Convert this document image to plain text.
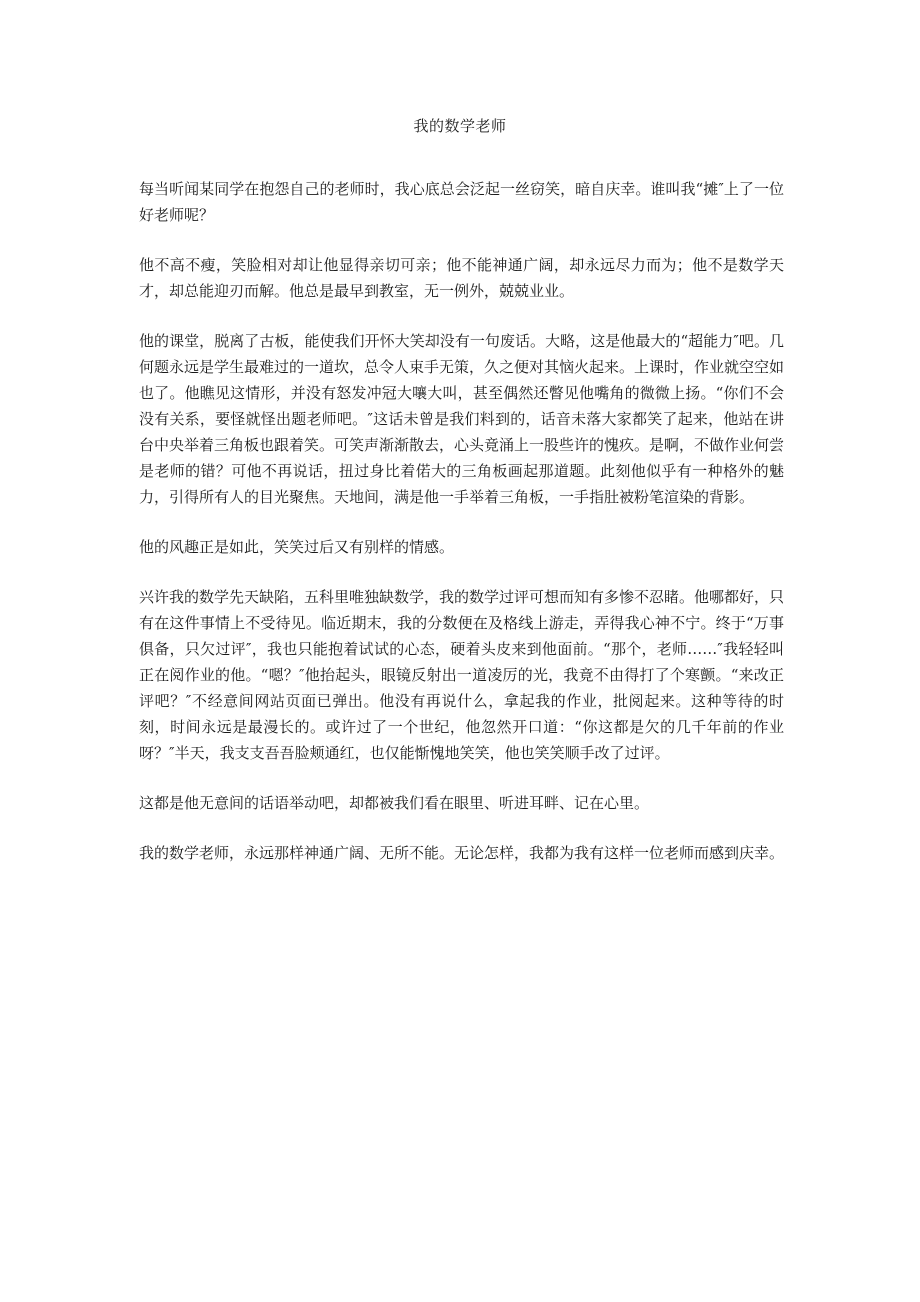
我的数学老师

每当听闻某同学在抱怨自己的老师时，我心底总会泛起一丝窃笑，暗自庆幸。谁叫我“摊″上了一位好老师呢？

他不高不瘦，笑脸相对却让他显得亲切可亲；他不能神通广阔，却永远尽力而为；他不是数学天才，却总能迎刃而解。他总是最早到教室，无一例外，兢兢业业。

他的课堂，脱离了古板，能使我们开怀大笑却没有一句废话。大略，这是他最大的“超能力″吧。几何题永远是学生最难过的一道坎，总令人束手无策，久之便对其恼火起来。上课时，作业就空空如也了。他瞧见这情形，并没有怒发冲冠大嚷大叫，甚至偶然还瞥见他嘴角的微微上扬。“你们不会没有关系，要怪就怪出题老师吧。″这话未曾是我们料到的，话音未落大家都笑了起来，他站在讲台中央举着三角板也跟着笑。可笑声渐渐散去，心头竟涌上一股些许的愧疚。是啊，不做作业何尝是老师的错？可他不再说话，扭过身比着偌大的三角板画起那道题。此刻他似乎有一种格外的魅力，引得所有人的目光聚焦。天地间，满是他一手举着三角板，一手指肚被粉笔渲染的背影。

他的风趣正是如此，笑笑过后又有别样的情感。

兴许我的数学先天缺陷，五科里唯独缺数学，我的数学过评可想而知有多惨不忍睹。他哪都好，只有在这件事情上不受待见。临近期末，我的分数便在及格线上游走，弄得我心神不宁。终于“万事俱备，只欠过评″，我也只能抱着试试的心态，硬着头皮来到他面前。“那个，老师……″我轻轻叫正在阅作业的他。“嗯？″他抬起头，眼镜反射出一道凌厉的光，我竟不由得打了个寒颤。“来改正评吧？″不经意间网站页面已弹出。他没有再说什么，拿起我的作业，批阅起来。这种等待的时刻，时间永远是最漫长的。或许过了一个世纪，他忽然开口道：“你这都是欠的几千年前的作业呀？″半天，我支支吾吾脸颊通红，也仅能惭愧地笑笑，他也笑笑顺手改了过评。

这都是他无意间的话语举动吧，却都被我们看在眼里、听进耳畔、记在心里。

我的数学老师，永远那样神通广阔、无所不能。无论怎样，我都为我有这样一位老师而感到庆幸。
